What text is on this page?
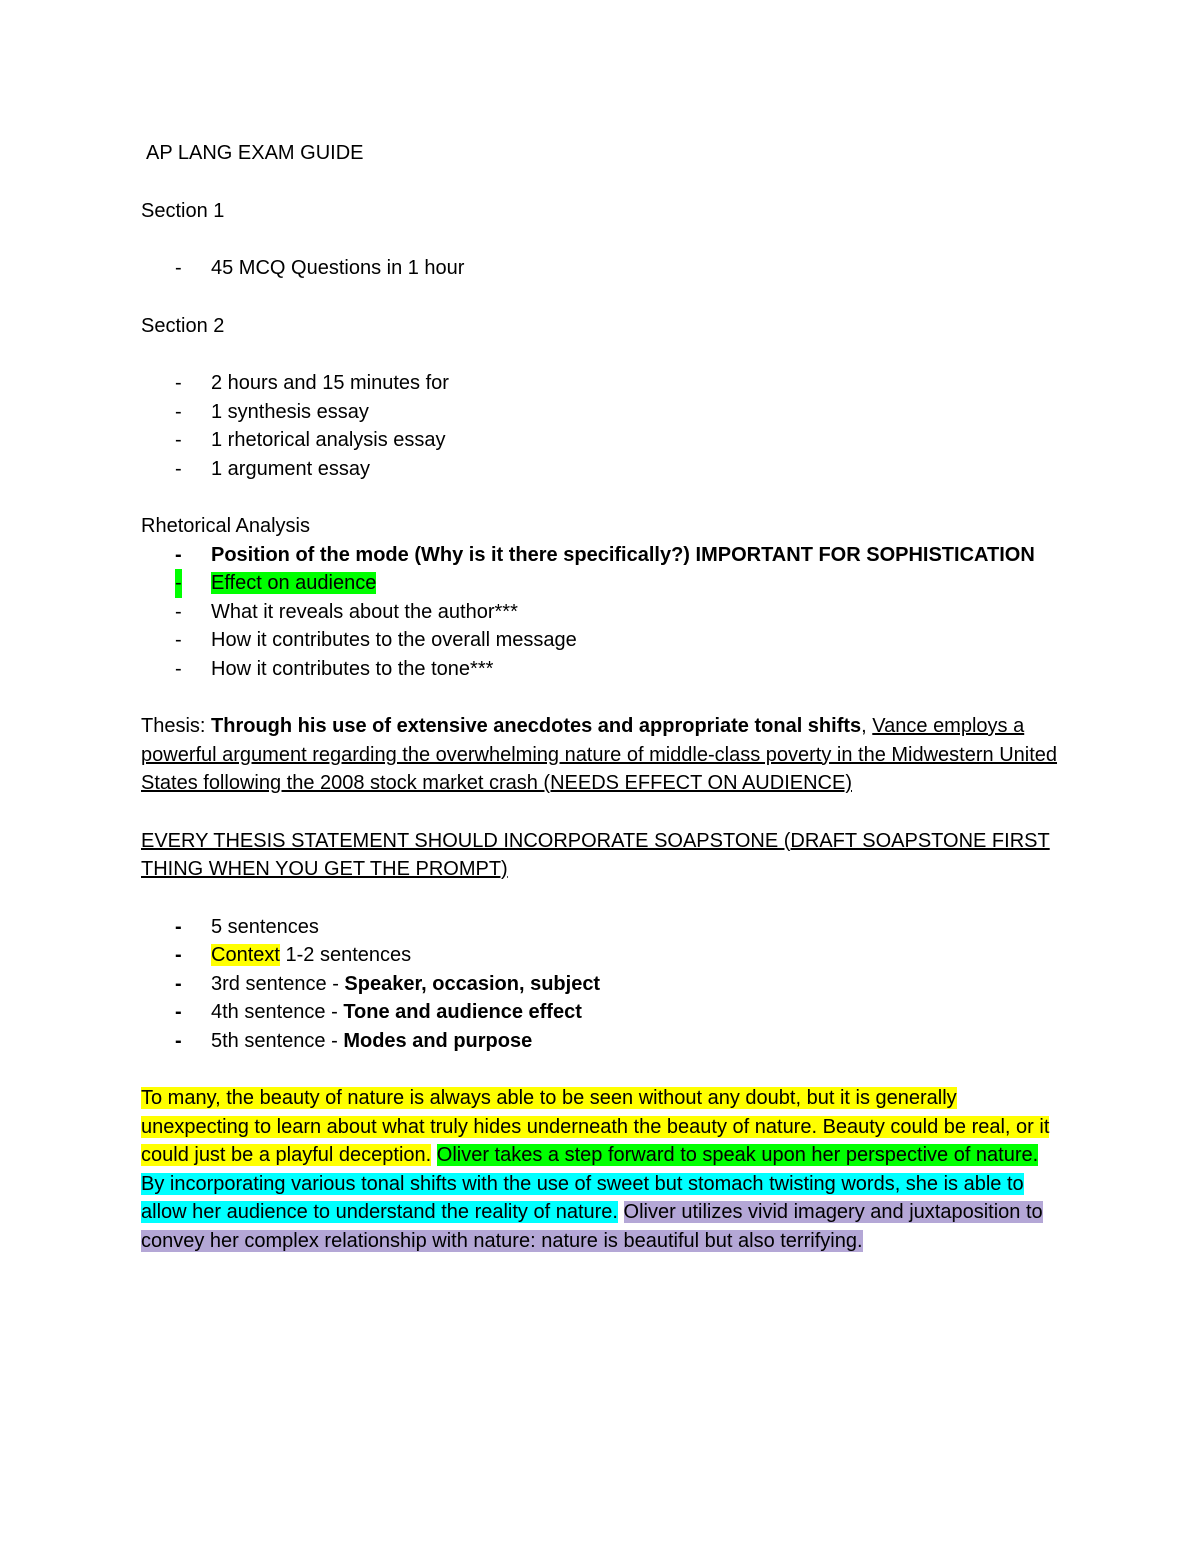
AP LANG EXAM GUIDE

Section 1

- 45 MCQ Questions in 1 hour

Section 2

- 2 hours and 15 minutes for
- 1 synthesis essay
- 1 rhetorical analysis essay
- 1 argument essay

Rhetorical Analysis

- Position of the mode (Why is it there specifically?) IMPORTANT FOR SOPHISTICATION
- Effect on audience
- What it reveals about the author***
- How it contributes to the overall message
- How it contributes to the tone***

Thesis: Through his use of extensive anecdotes and appropriate tonal shifts, Vance employs a powerful argument regarding the overwhelming nature of middle-class poverty in the Midwestern United States following the 2008 stock market crash (NEEDS EFFECT ON AUDIENCE)

EVERY THESIS STATEMENT SHOULD INCORPORATE SOAPSTONE (DRAFT SOAPSTONE FIRST THING WHEN YOU GET THE PROMPT)

- 5 sentences
- Context 1-2 sentences
- 3rd sentence - Speaker, occasion, subject
- 4th sentence - Tone and audience effect
- 5th sentence - Modes and purpose

To many, the beauty of nature is always able to be seen without any doubt, but it is generally unexpecting to learn about what truly hides underneath the beauty of nature. Beauty could be real, or it could just be a playful deception. Oliver takes a step forward to speak upon her perspective of nature. By incorporating various tonal shifts with the use of sweet but stomach twisting words, she is able to allow her audience to understand the reality of nature. Oliver utilizes vivid imagery and juxtaposition to convey her complex relationship with nature: nature is beautiful but also terrifying.
